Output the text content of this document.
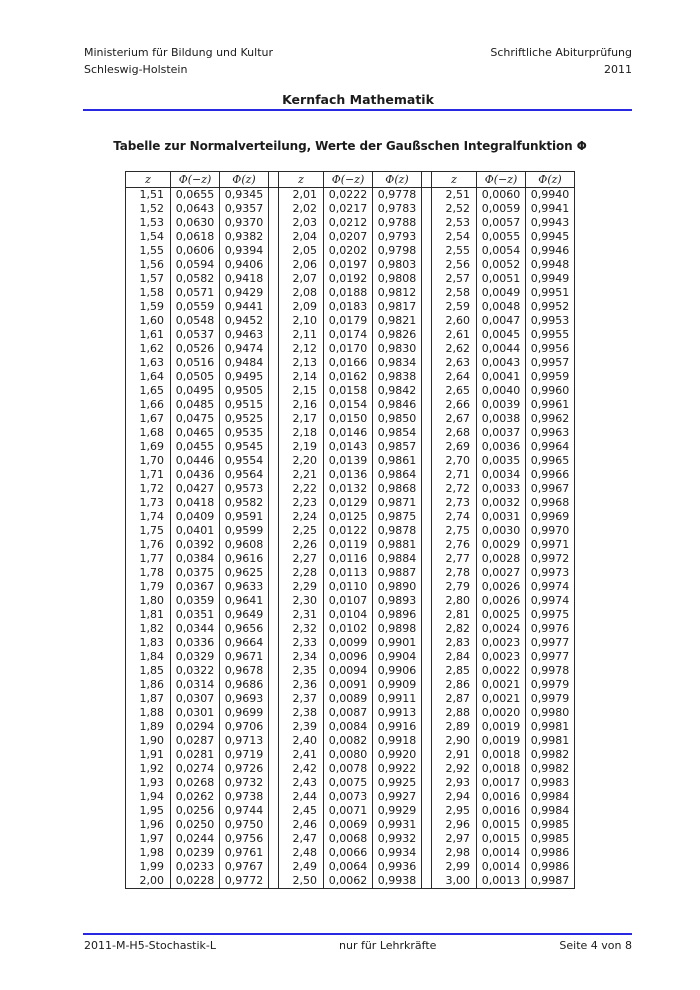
Ministerium für Bildung und Kultur
Schleswig-Holstein
Schriftliche Abiturprüfung
2011
Kernfach Mathematik
Tabelle zur Normalverteilung, Werte der Gaußschen Integralfunktion Φ
z	Φ(−z)	Φ(z)		z	Φ(−z)	Φ(z)		z	Φ(−z)	Φ(z)
1,51	0,0655	0,9345		2,01	0,0222	0,9778		2,51	0,0060	0,9940
1,52	0,0643	0,9357		2,02	0,0217	0,9783		2,52	0,0059	0,9941
1,53	0,0630	0,9370		2,03	0,0212	0,9788		2,53	0,0057	0,9943
1,54	0,0618	0,9382		2,04	0,0207	0,9793		2,54	0,0055	0,9945
1,55	0,0606	0,9394		2,05	0,0202	0,9798		2,55	0,0054	0,9946
1,56	0,0594	0,9406		2,06	0,0197	0,9803		2,56	0,0052	0,9948
1,57	0,0582	0,9418		2,07	0,0192	0,9808		2,57	0,0051	0,9949
1,58	0,0571	0,9429		2,08	0,0188	0,9812		2,58	0,0049	0,9951
1,59	0,0559	0,9441		2,09	0,0183	0,9817		2,59	0,0048	0,9952
1,60	0,0548	0,9452		2,10	0,0179	0,9821		2,60	0,0047	0,9953
1,61	0,0537	0,9463		2,11	0,0174	0,9826		2,61	0,0045	0,9955
1,62	0,0526	0,9474		2,12	0,0170	0,9830		2,62	0,0044	0,9956
1,63	0,0516	0,9484		2,13	0,0166	0,9834		2,63	0,0043	0,9957
1,64	0,0505	0,9495		2,14	0,0162	0,9838		2,64	0,0041	0,9959
1,65	0,0495	0,9505		2,15	0,0158	0,9842		2,65	0,0040	0,9960
1,66	0,0485	0,9515		2,16	0,0154	0,9846		2,66	0,0039	0,9961
1,67	0,0475	0,9525		2,17	0,0150	0,9850		2,67	0,0038	0,9962
1,68	0,0465	0,9535		2,18	0,0146	0,9854		2,68	0,0037	0,9963
1,69	0,0455	0,9545		2,19	0,0143	0,9857		2,69	0,0036	0,9964
1,70	0,0446	0,9554		2,20	0,0139	0,9861		2,70	0,0035	0,9965
1,71	0,0436	0,9564		2,21	0,0136	0,9864		2,71	0,0034	0,9966
1,72	0,0427	0,9573		2,22	0,0132	0,9868		2,72	0,0033	0,9967
1,73	0,0418	0,9582		2,23	0,0129	0,9871		2,73	0,0032	0,9968
1,74	0,0409	0,9591		2,24	0,0125	0,9875		2,74	0,0031	0,9969
1,75	0,0401	0,9599		2,25	0,0122	0,9878		2,75	0,0030	0,9970
1,76	0,0392	0,9608		2,26	0,0119	0,9881		2,76	0,0029	0,9971
1,77	0,0384	0,9616		2,27	0,0116	0,9884		2,77	0,0028	0,9972
1,78	0,0375	0,9625		2,28	0,0113	0,9887		2,78	0,0027	0,9973
1,79	0,0367	0,9633		2,29	0,0110	0,9890		2,79	0,0026	0,9974
1,80	0,0359	0,9641		2,30	0,0107	0,9893		2,80	0,0026	0,9974
1,81	0,0351	0,9649		2,31	0,0104	0,9896		2,81	0,0025	0,9975
1,82	0,0344	0,9656		2,32	0,0102	0,9898		2,82	0,0024	0,9976
1,83	0,0336	0,9664		2,33	0,0099	0,9901		2,83	0,0023	0,9977
1,84	0,0329	0,9671		2,34	0,0096	0,9904		2,84	0,0023	0,9977
1,85	0,0322	0,9678		2,35	0,0094	0,9906		2,85	0,0022	0,9978
1,86	0,0314	0,9686		2,36	0,0091	0,9909		2,86	0,0021	0,9979
1,87	0,0307	0,9693		2,37	0,0089	0,9911		2,87	0,0021	0,9979
1,88	0,0301	0,9699		2,38	0,0087	0,9913		2,88	0,0020	0,9980
1,89	0,0294	0,9706		2,39	0,0084	0,9916		2,89	0,0019	0,9981
1,90	0,0287	0,9713		2,40	0,0082	0,9918		2,90	0,0019	0,9981
1,91	0,0281	0,9719		2,41	0,0080	0,9920		2,91	0,0018	0,9982
1,92	0,0274	0,9726		2,42	0,0078	0,9922		2,92	0,0018	0,9982
1,93	0,0268	0,9732		2,43	0,0075	0,9925		2,93	0,0017	0,9983
1,94	0,0262	0,9738		2,44	0,0073	0,9927		2,94	0,0016	0,9984
1,95	0,0256	0,9744		2,45	0,0071	0,9929		2,95	0,0016	0,9984
1,96	0,0250	0,9750		2,46	0,0069	0,9931		2,96	0,0015	0,9985
1,97	0,0244	0,9756		2,47	0,0068	0,9932		2,97	0,0015	0,9985
1,98	0,0239	0,9761		2,48	0,0066	0,9934		2,98	0,0014	0,9986
1,99	0,0233	0,9767		2,49	0,0064	0,9936		2,99	0,0014	0,9986
2,00	0,0228	0,9772		2,50	0,0062	0,9938		3,00	0,0013	0,9987
2011-M-H5-Stochastik-L	nur für Lehrkräfte	Seite 4 von 8
